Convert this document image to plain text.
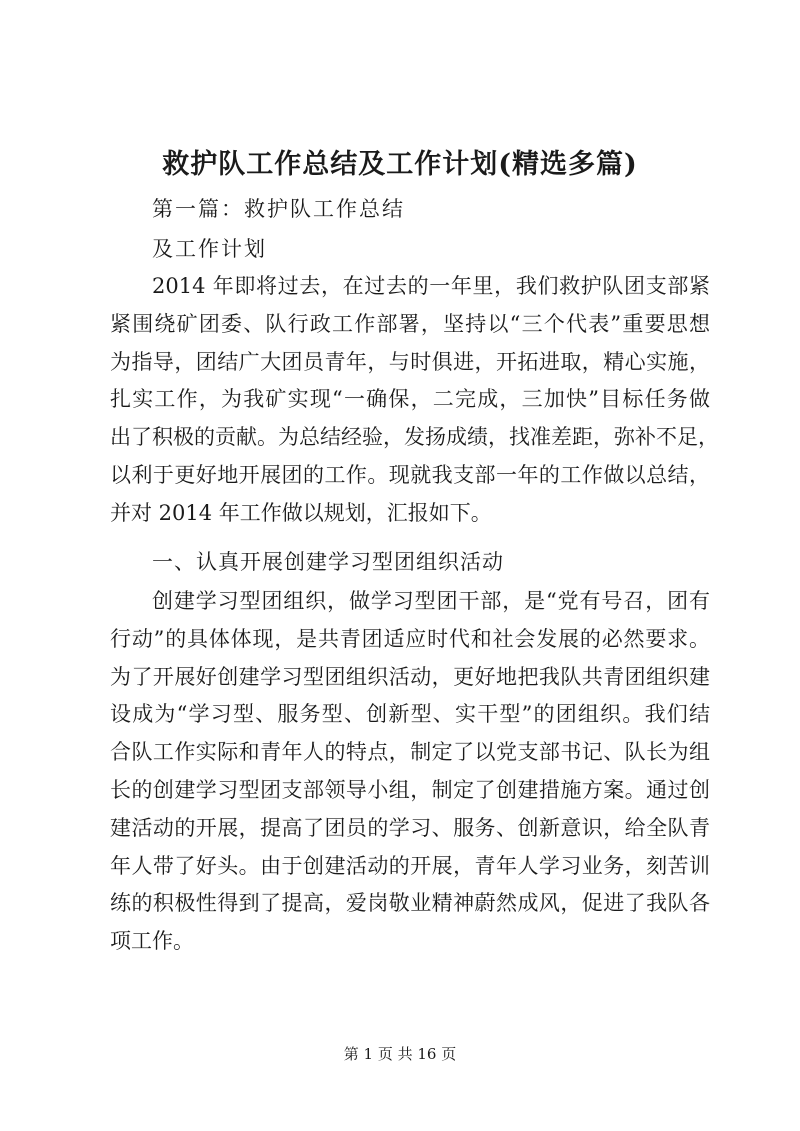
救护队工作总结及工作计划(精选多篇)

第一篇：救护队工作总结

及工作计划

2014 年即将过去，在过去的一年里，我们救护队团支部紧
紧围绕矿团委、队行政工作部署，坚持以“三个代表”重要思想
为指导，团结广大团员青年，与时俱进，开拓进取，精心实施，
扎实工作，为我矿实现“一确保，二完成，三加快”目标任务做
出了积极的贡献。为总结经验，发扬成绩，找准差距，弥补不足，
以利于更好地开展团的工作。现就我支部一年的工作做以总结，
并对 2014 年工作做以规划，汇报如下。

一、认真开展创建学习型团组织活动

创建学习型团组织，做学习型团干部，是“党有号召，团有
行动”的具体体现，是共青团适应时代和社会发展的必然要求。
为了开展好创建学习型团组织活动，更好地把我队共青团组织建
设成为“学习型、服务型、创新型、实干型”的团组织。我们结
合队工作实际和青年人的特点，制定了以党支部书记、队长为组
长的创建学习型团支部领导小组，制定了创建措施方案。通过创
建活动的开展，提高了团员的学习、服务、创新意识，给全队青
年人带了好头。由于创建活动的开展，青年人学习业务，刻苦训
练的积极性得到了提高，爱岗敬业精神蔚然成风，促进了我队各
项工作。

第 1 页 共 16 页
